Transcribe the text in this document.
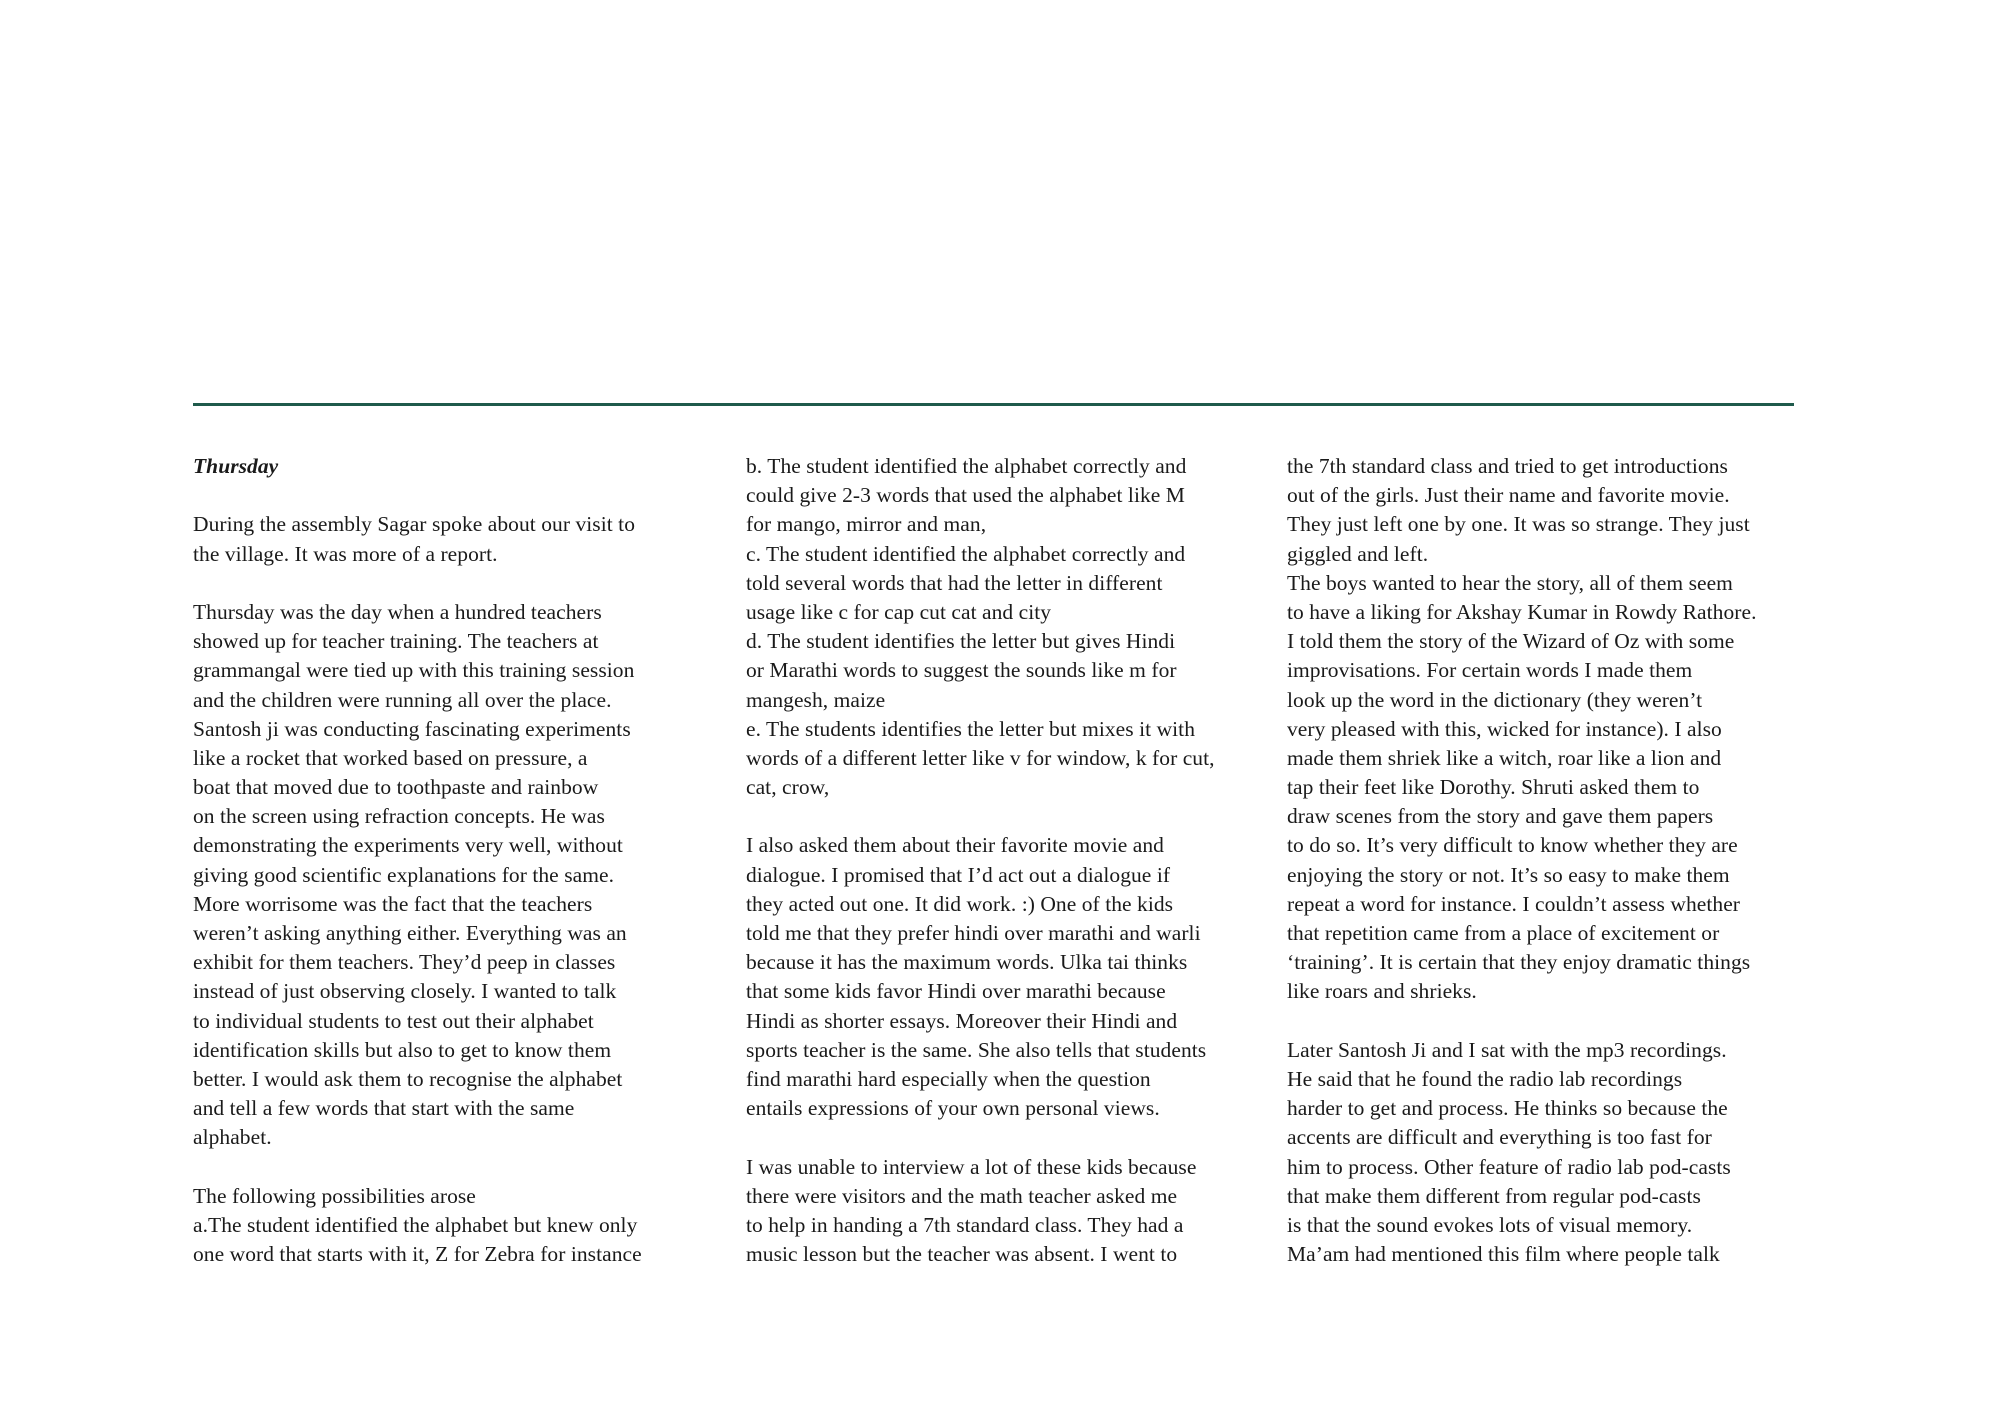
Thursday
During the assembly Sagar spoke about our visit to
the village. It was more of a report.
Thursday was the day when a hundred teachers
showed up for teacher training. The teachers at
grammangal were tied up with this training session
and the children were running all over the place.
Santosh ji was conducting fascinating experiments
like a rocket that worked based on pressure, a
boat that moved due to toothpaste and rainbow
on the screen using refraction concepts. He was
demonstrating the experiments very well, without
giving good scientific explanations for the same.
More worrisome was the fact that the teachers
weren’t asking anything either. Everything was an
exhibit for them teachers. They’d peep in classes
instead of just observing closely. I wanted to talk
to individual students to test out their alphabet
identification skills but also to get to know them
better. I would ask them to recognise the alphabet
and tell a few words that start with the same
alphabet.
The following possibilities arose
a.The student identified the alphabet but knew only
one word that starts with it, Z for Zebra for instance
b. The student identified the alphabet correctly and
could give 2-3 words that used the alphabet like M
for mango, mirror and man,
c. The student identified the alphabet correctly and
told several words that had the letter in different
usage like c for cap cut cat and city
d. The student identifies the letter but gives Hindi
or Marathi words to suggest the sounds like m for
mangesh, maize
e. The students identifies the letter but mixes it with
words of a different letter like v for window, k for cut,
cat, crow,
I also asked them about their favorite movie and
dialogue. I promised that I’d act out a dialogue if
they acted out one. It did work. :) One of the kids
told me that they prefer hindi over marathi and warli
because it has the maximum words. Ulka tai thinks
that some kids favor Hindi over marathi because
Hindi as shorter essays. Moreover their Hindi and
sports teacher is the same. She also tells that students
find marathi hard especially when the question
entails expressions of your own personal views.
I was unable to interview a lot of these kids because
there were visitors and the math teacher asked me
to help in handing a 7th standard class. They had a
music lesson but the teacher was absent. I went to
the 7th standard class and tried to get introductions
out of the girls. Just their name and favorite movie.
They just left one by one. It was so strange. They just
giggled and left.
The boys wanted to hear the story, all of them seem
to have a liking for Akshay Kumar in Rowdy Rathore.
I told them the story of the Wizard of Oz with some
improvisations. For certain words I made them
look up the word in the dictionary (they weren’t
very pleased with this, wicked for instance). I also
made them shriek like a witch, roar like a lion and
tap their feet like Dorothy. Shruti asked them to
draw scenes from the story and gave them papers
to do so. It’s very difficult to know whether they are
enjoying the story or not. It’s so easy to make them
repeat a word for instance. I couldn’t assess whether
that repetition came from a place of excitement or
‘training’. It is certain that they enjoy dramatic things
like roars and shrieks.
Later Santosh Ji and I sat with the mp3 recordings.
He said that he found the radio lab recordings
harder to get and process. He thinks so because the
accents are difficult and everything is too fast for
him to process. Other feature of radio lab pod-casts
that make them different from regular pod-casts
is that the sound evokes lots of visual memory.
Ma’am had mentioned this film where people talk
